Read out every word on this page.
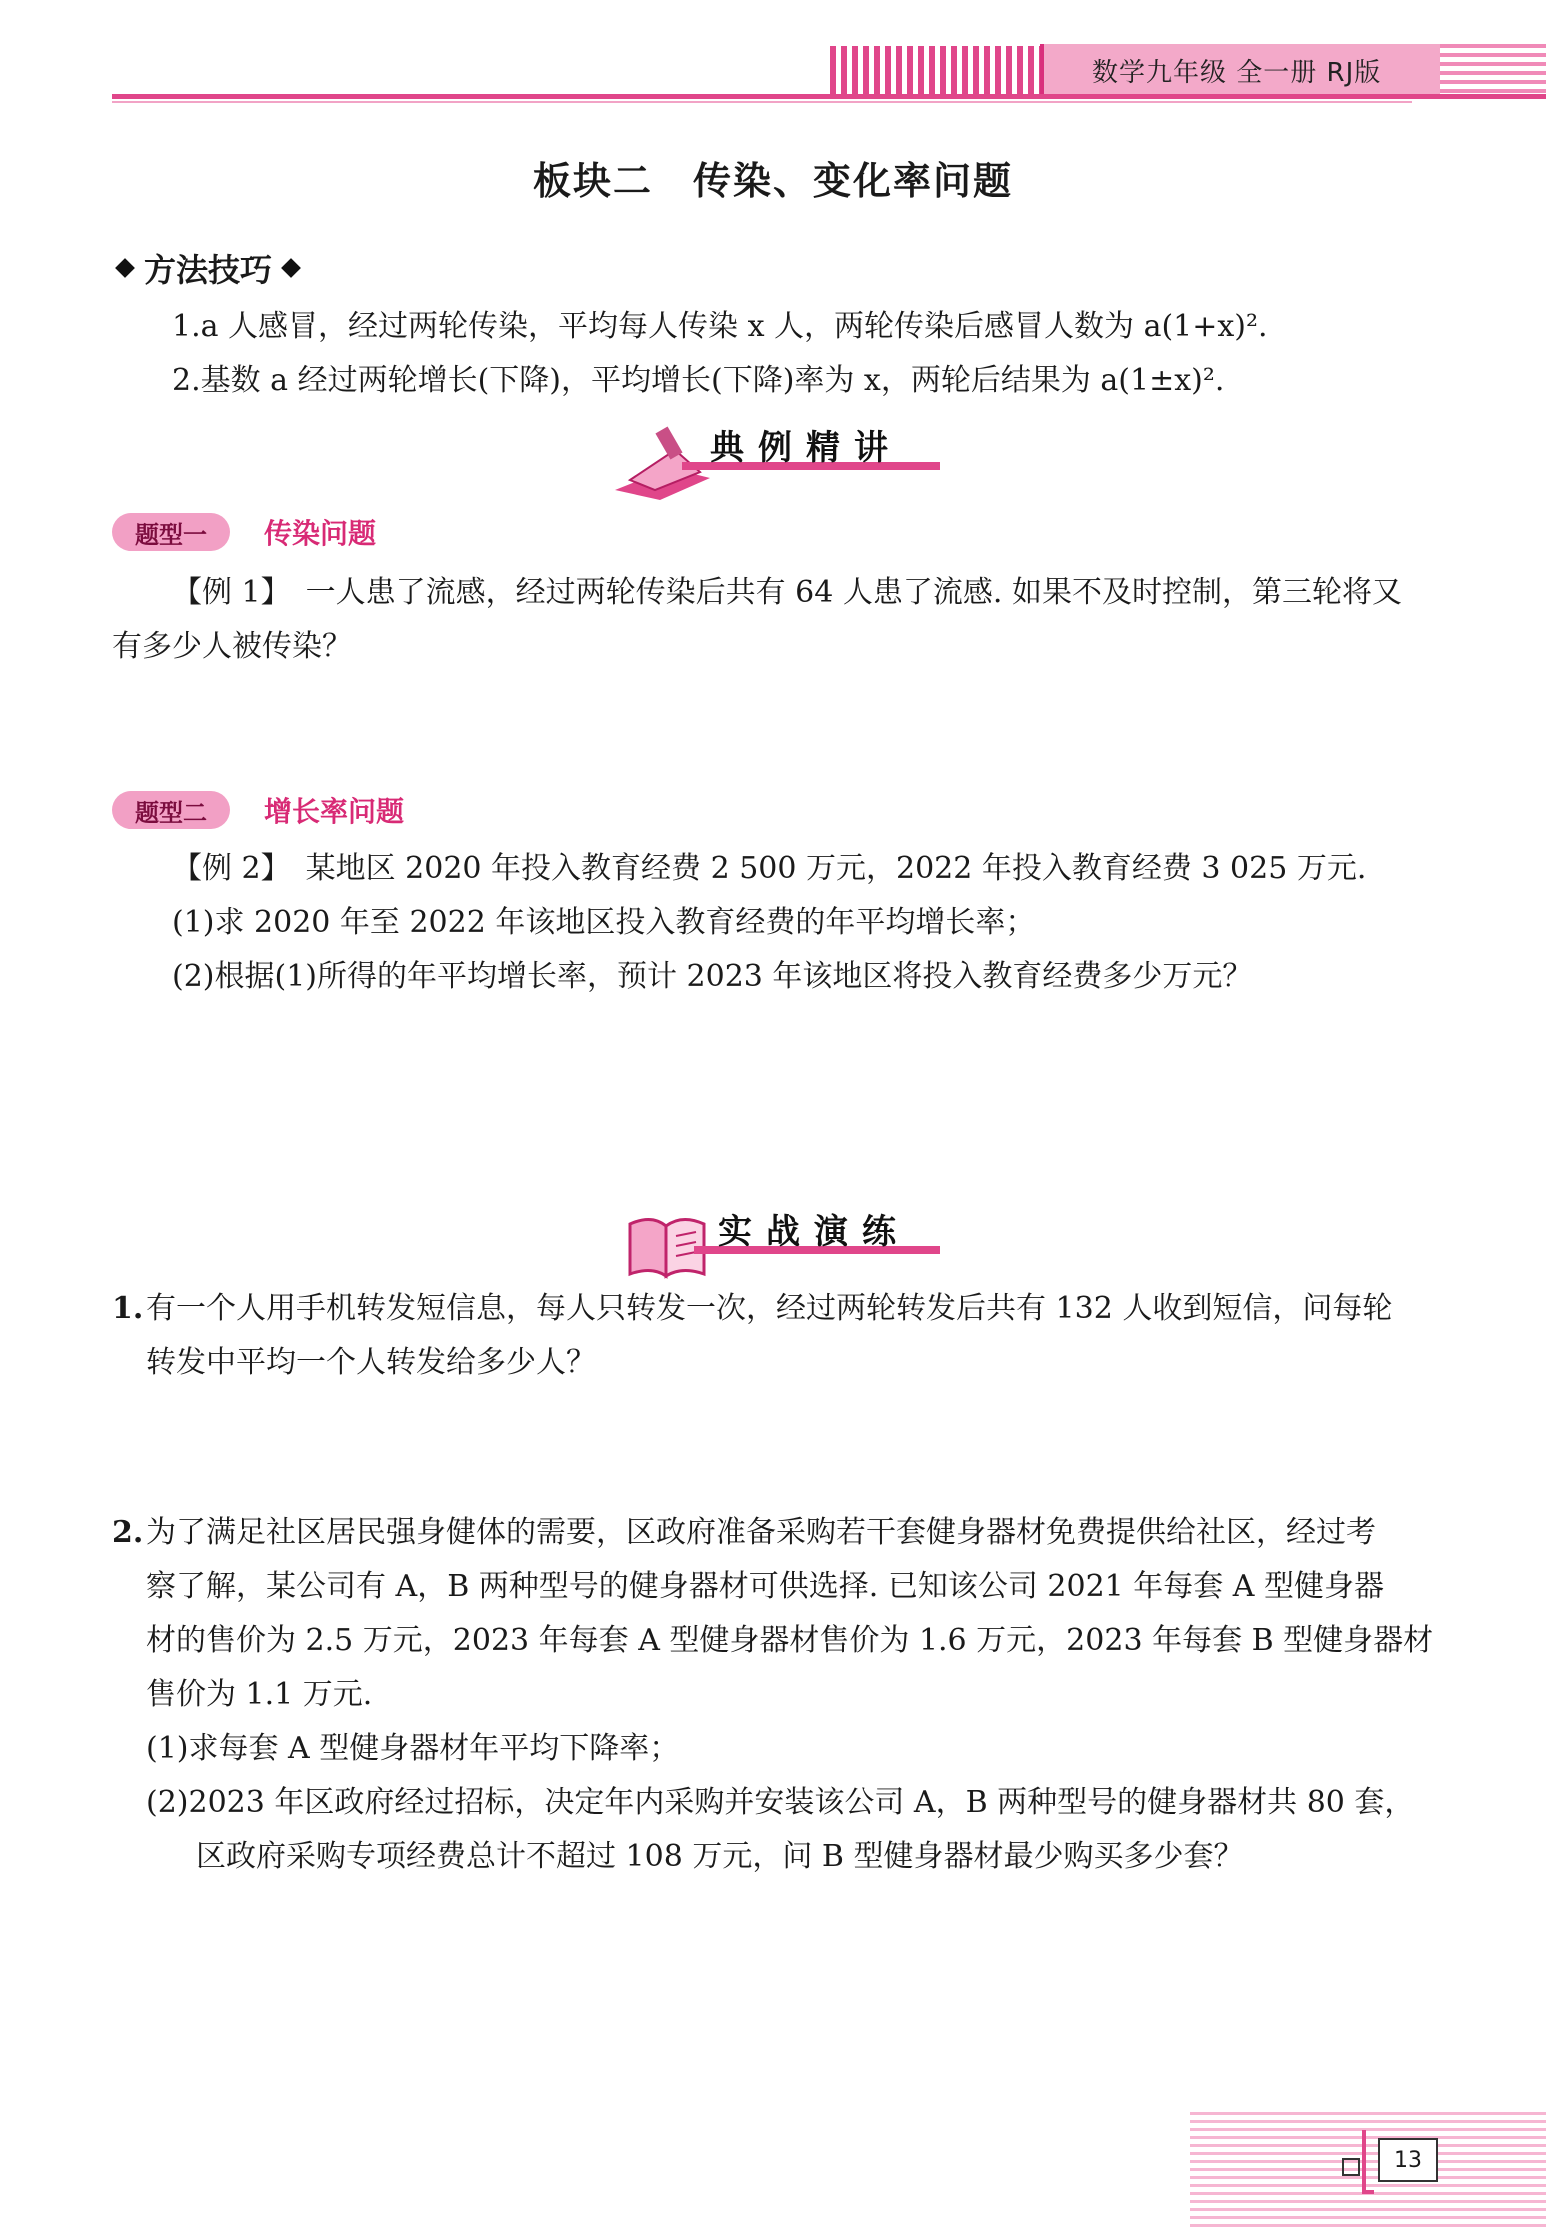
数学九年级 全一册 RJ版
板块二　传染、变化率问题
方法技巧
1.a 人感冒，经过两轮传染，平均每人传染 x 人，两轮传染后感冒人数为 a(1+x)².
2.基数 a 经过两轮增长(下降)，平均增长(下降)率为 x，两轮后结果为 a(1±x)².
典例精讲
题型一	传染问题
【例 1】　一人患了流感，经过两轮传染后共有 64 人患了流感. 如果不及时控制，第三轮将又
有多少人被传染？
题型二	增长率问题
【例 2】　某地区 2020 年投入教育经费 2 500 万元，2022 年投入教育经费 3 025 万元.
(1)求 2020 年至 2022 年该地区投入教育经费的年平均增长率；
(2)根据(1)所得的年平均增长率，预计 2023 年该地区将投入教育经费多少万元？
实战演练
1. 有一个人用手机转发短信息，每人只转发一次，经过两轮转发后共有 132 人收到短信，问每轮
转发中平均一个人转发给多少人？
2. 为了满足社区居民强身健体的需要，区政府准备采购若干套健身器材免费提供给社区，经过考
察了解，某公司有 A，B 两种型号的健身器材可供选择. 已知该公司 2021 年每套 A 型健身器
材的售价为 2.5 万元，2023 年每套 A 型健身器材售价为 1.6 万元，2023 年每套 B 型健身器材
售价为 1.1 万元.
(1)求每套 A 型健身器材年平均下降率；
(2)2023 年区政府经过招标，决定年内采购并安装该公司 A，B 两种型号的健身器材共 80 套，
区政府采购专项经费总计不超过 108 万元，问 B 型健身器材最少购买多少套？
13
